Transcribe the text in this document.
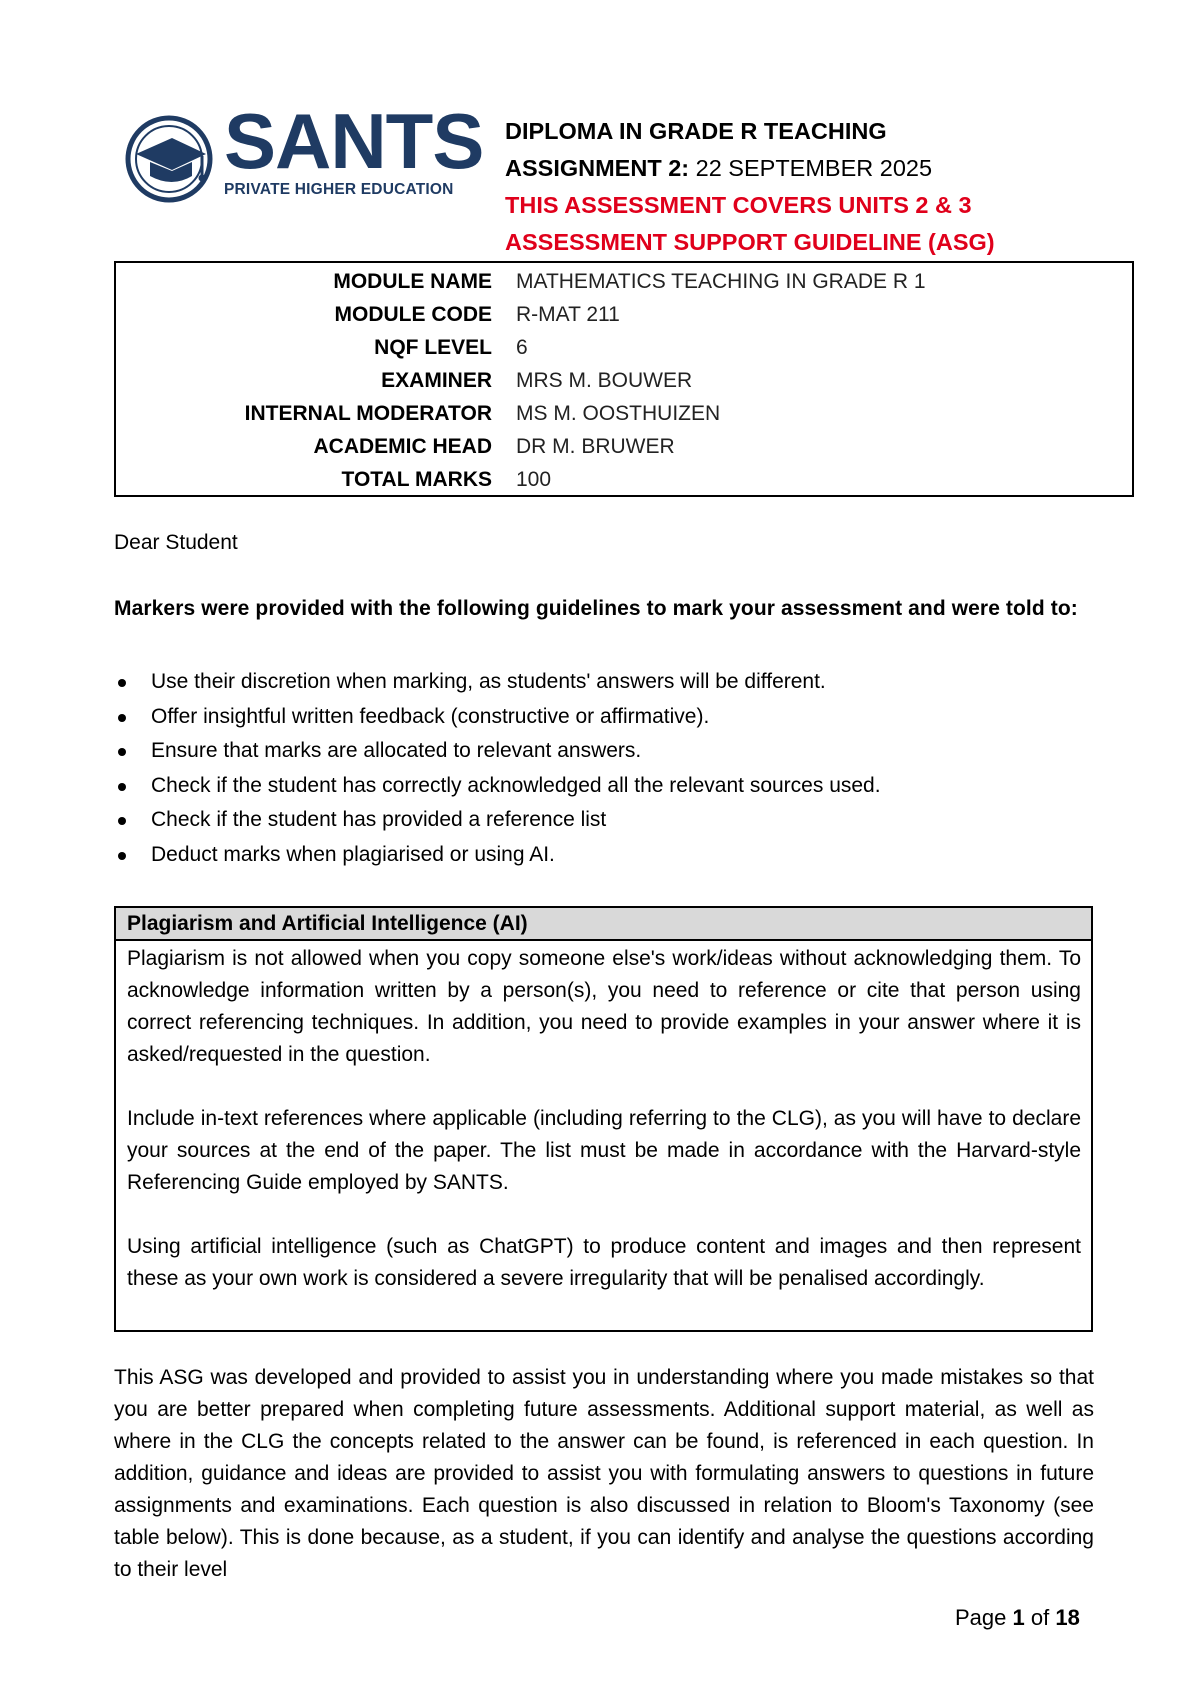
SANTS
PRIVATE HIGHER EDUCATION
DIPLOMA IN GRADE R TEACHING
ASSIGNMENT 2: 22 SEPTEMBER 2025
THIS ASSESSMENT COVERS UNITS 2 & 3
ASSESSMENT SUPPORT GUIDELINE (ASG)
MODULE NAME MATHEMATICS TEACHING IN GRADE R 1
MODULE CODE R-MAT 211
NQF LEVEL 6
EXAMINER MRS M. BOUWER
INTERNAL MODERATOR MS M. OOSTHUIZEN
ACADEMIC HEAD DR M. BRUWER
TOTAL MARKS 100
Dear Student
Markers were provided with the following guidelines to mark your assessment and were told to:
Use their discretion when marking, as students' answers will be different.
Offer insightful written feedback (constructive or affirmative).
Ensure that marks are allocated to relevant answers.
Check if the student has correctly acknowledged all the relevant sources used.
Check if the student has provided a reference list
Deduct marks when plagiarised or using AI.
Plagiarism and Artificial Intelligence (AI)

Plagiarism is not allowed when you copy someone else's work/ideas without acknowledging them. To acknowledge information written by a person(s), you need to reference or cite that person using correct referencing techniques. In addition, you need to provide examples in your answer where it is asked/requested in the question.

Include in-text references where applicable (including referring to the CLG), as you will have to declare your sources at the end of the paper. The list must be made in accordance with the Harvard-style Referencing Guide employed by SANTS.

Using artificial intelligence (such as ChatGPT) to produce content and images and then represent these as your own work is considered a severe irregularity that will be penalised accordingly.

This ASG was developed and provided to assist you in understanding where you made mistakes so that you are better prepared when completing future assessments. Additional support material, as well as where in the CLG the concepts related to the answer can be found, is referenced in each question. In addition, guidance and ideas are provided to assist you with formulating answers to questions in future assignments and examinations. Each question is also discussed in relation to Bloom's Taxonomy (see table below). This is done because, as a student, if you can identify and analyse the questions according to their level
Page 1 of 18
